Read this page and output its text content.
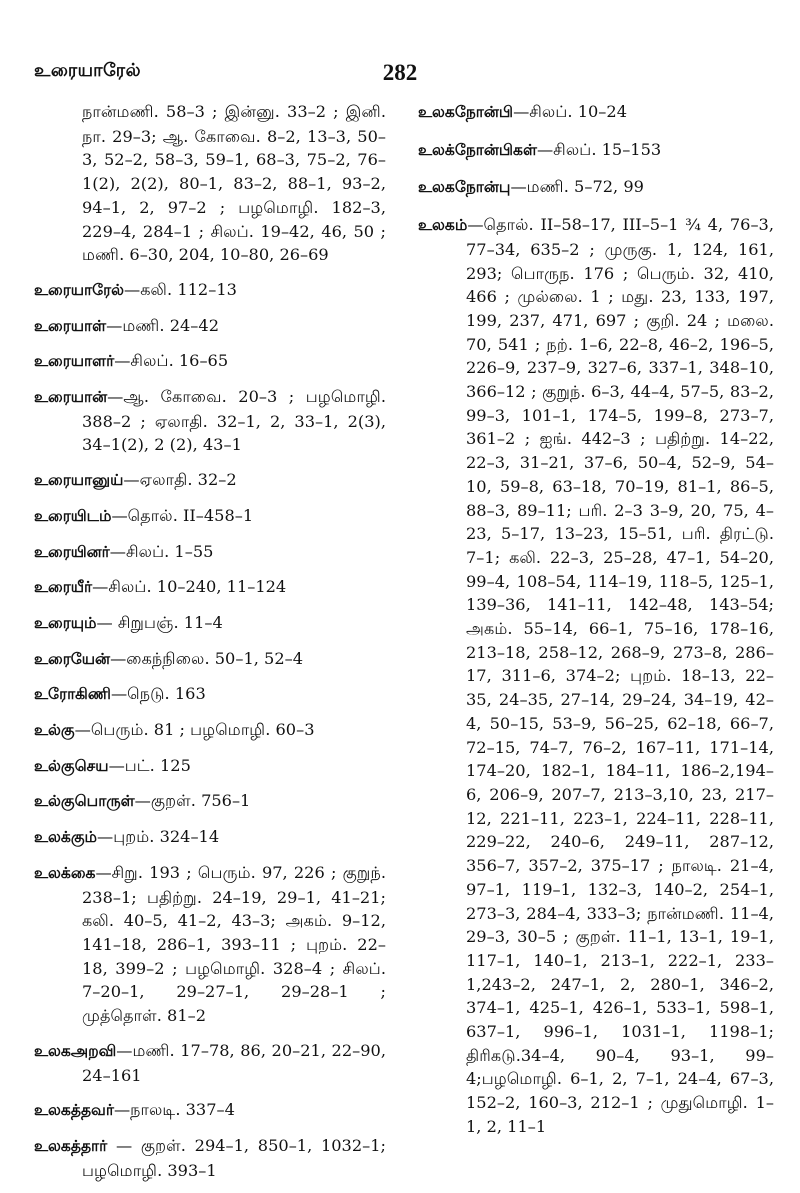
உரையாரேல்	282
நான்மணி. 58–3 ; இன்னு. 33–2 ; இனி. நா. 29–3; ஆ. கோவை. 8–2, 13–3, 50–3, 52–2, 58–3, 59–1, 68–3, 75–2, 76–1(2), 2(2), 80–1, 83–2, 88–1, 93–2, 94–1, 2, 97–2 ; பழமொழி. 182–3, 229–4, 284–1 ; சிலப். 19–42, 46, 50 ; மணி. 6–30, 204, 10–80, 26–69
உரையாரேல்—கலி. 112–13
உரையாள்—மணி. 24–42
உரையாளர்—சிலப். 16–65
உரையான்—ஆ. கோவை. 20–3 ; பழமொழி. 388–2 ; ஏலாதி. 32–1, 2, 33–1, 2(3), 34–1(2), 2 (2), 43–1
உரையானுய்—ஏலாதி. 32–2
உரையிடம்—தொல். II–458–1
உரையினர்—சிலப். 1–55
உரையீர்—சிலப். 10–240, 11–124
உரையும்— சிறுபஞ். 11–4
உரையேன்—கைந்நிலை. 50–1, 52–4
உரோகிணி—நெடு. 163
உல்கு—பெரும். 81 ; பழமொழி. 60–3
உல்குசெய—பட். 125
உல்குபொருள்—குறள். 756–1
உலக்கும்—புறம். 324–14
உலக்கை—சிறு. 193 ; பெரும். 97, 226 ; குறுந். 238–1; பதிற்று. 24–19, 29–1, 41–21; கலி. 40–5, 41–2, 43–3; அகம். 9–12, 141–18, 286–1, 393–11 ; புறம். 22–18, 399–2 ; பழமொழி. 328–4 ; சிலப். 7–20–1, 29–27–1, 29–28–1 ; முத்தொள். 81–2
உலகஅறவி—மணி. 17–78, 86, 20–21, 22–90, 24–161
உலகத்தவர்—நாலடி. 337–4
உலகத்தார் — குறள். 294–1, 850–1, 1032–1; பழமொழி. 393–1
உலகநோன்பி—சிலப். 10–24
உலக்நோன்பிகள்—சிலப். 15–153
உலகநோன்பு—மணி. 5–72, 99
உலகம்—தொல். II–58–17, III–5–1 ¾ 4, 76–3, 77–34, 635–2 ; முருகு. 1, 124, 161, 293; பொருந. 176 ; பெரும். 32, 410, 466 ; முல்லை. 1 ; மது. 23, 133, 197, 199, 237, 471, 697 ; குறி. 24 ; மலை. 70, 541 ; நற். 1–6, 22–8, 46–2, 196–5, 226–9, 237–9, 327–6, 337–1, 348–10, 366–12 ; குறுந். 6–3, 44–4, 57–5, 83–2, 99–3, 101–1, 174–5, 199–8, 273–7, 361–2 ; ஐங். 442–3 ; பதிற்று. 14–22, 22–3, 31–21, 37–6, 50–4, 52–9, 54–10, 59–8, 63–18, 70–19, 81–1, 86–5, 88–3, 89–11; பரி. 2–3 3–9, 20, 75, 4–23, 5–17, 13–23, 15–51, பரி. திரட்டு. 7–1; கலி. 22–3, 25–28, 47–1, 54–20, 99–4, 108–54, 114–19, 118–5, 125–1, 139–36, 141–11, 142–48, 143–54; அகம். 55–14, 66–1, 75–16, 178–16, 213–18, 258–12, 268–9, 273–8, 286–17, 311–6, 374–2; புறம். 18–13, 22–35, 24–35, 27–14, 29–24, 34–19, 42–4, 50–15, 53–9, 56–25, 62–18, 66–7, 72–15, 74–7, 76–2, 167–11, 171–14, 174–20, 182–1, 184–11, 186–2,194–6, 206–9, 207–7, 213–3,10, 23, 217–12, 221–11, 223–1, 224–11, 228–11, 229–22, 240–6, 249–11, 287–12, 356–7, 357–2, 375–17 ; நாலடி. 21–4, 97–1, 119–1, 132–3, 140–2, 254–1, 273–3, 284–4, 333–3; நான்மணி. 11–4, 29–3, 30–5 ; குறள். 11–1, 13–1, 19–1, 117–1, 140–1, 213–1, 222–1, 233–1,243–2, 247–1, 2, 280–1, 346–2, 374–1, 425–1, 426–1, 533–1, 598–1, 637–1, 996–1, 1031–1, 1198–1; திரிகடு.34–4, 90–4, 93–1, 99–4;பழமொழி. 6–1, 2, 7–1, 24–4, 67–3, 152–2, 160–3, 212–1 ; முதுமொழி. 1–1, 2, 11–1
